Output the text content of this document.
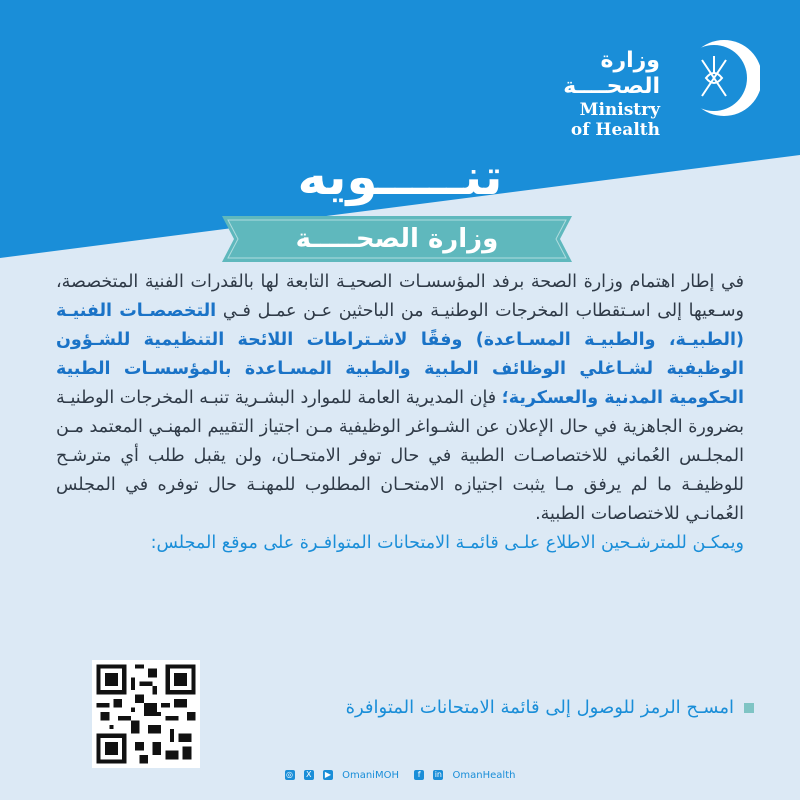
وزارة الصحــــة
Ministry of Health
تنـــــويه
وزارة الصحـــــة

في إطار اهتمام وزارة الصحة برفد المؤسسـات الصحيـة التابعة لها بالقدرات الفنية المتخصصة، وسـعيها إلى اسـتقطاب المخرجات الوطنيـة من الباحثين عـن عمـل فـي التخصصـات الفنيـة (الطبيـة، والطبيـة المسـاعدة) وفقًا لاشـتراطات اللائحة التنظيمية للشـؤون الوظيفية لشـاغلي الوظائف الطبية والطبية المسـاعدة بالمؤسسـات الطبية الحكومية المدنية والعسكرية؛ فإن المديرية العامة للموارد البشـرية تنبـه المخرجات الوطنيـة بضرورة الجاهزية في حال الإعلان عن الشـواغر الوظيفية مـن اجتياز التقييم المهنـي المعتمد مـن المجلـس العُماني للاختصاصـات الطبية في حال توفر الامتحـان، ولن يقبل طلب أي مترشـح للوظيفـة ما لم يرفق مـا يثبت اجتيازه الامتحـان المطلوب للمهنـة حال توفره في المجلس العُمانـي للاختصاصات الطبية.

ويمكـن للمترشـحين الاطلاع علـى قائمـة الامتحانات المتوافـرة على موقع المجلس:

امسـح الرمز للوصول إلى قائمة الامتحانات المتوافرة
◎ X ▶ OmaniMOH f in OmanHealth
